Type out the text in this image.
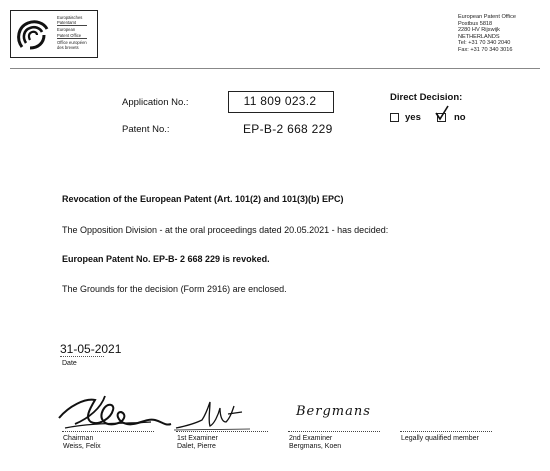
Europäisches
Patentamt
European
Patent Office
Office européen
des brevets
European Patent Office
Postbus 5818
2280 HV Rijswijk
NETHERLANDS
Tel: +31 70 340 2040
Fax: +31 70 340 3016
Application No.:	11 809 023.2
Patent No.:	EP-B-2 668 229
Direct Decision:
yes	no
Revocation of the European Patent (Art. 101(2) and 101(3)(b) EPC)
The Opposition Division - at the oral proceedings dated 20.05.2021 - has decided:
European Patent No. EP-B- 2 668 229 is revoked.
The Grounds for the decision (Form 2916) are enclosed.
31-05-2021
Date
Bergmans
Chairman
Weiss, Felix
1st Examiner
Dalet, Pierre
2nd Examiner
Bergmans, Koen
Legally qualified member
